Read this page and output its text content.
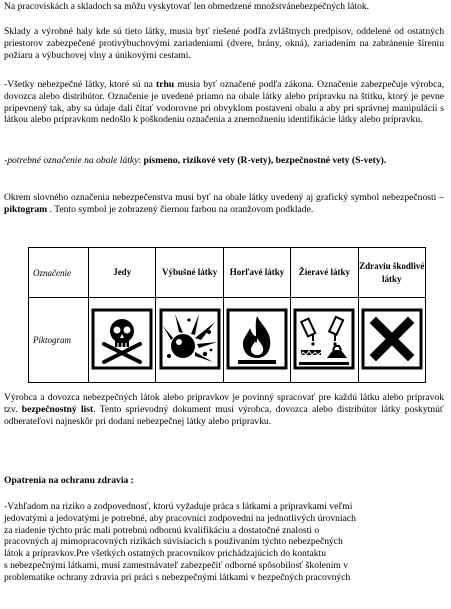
Na pracoviskách a skladoch sa môžu vyskytovať len obmedzené množstvánebezpečných látok.

Sklady a výrobné haly kde sú tieto látky, musia byť riešené podľa zvláštnych predpisov, oddelené od ostatných priestorov zabezpečené protivýbuchovými zariadeniami (dvere, brány, okná), zariadením na zabránenie šíreniu požiaru a výbuchovej vlny a únikovými cestami.

-Všetky nebezpečné látky, ktoré sú na trhu musia byť označené podľa zákona. Označenie zabezpečuje výrobca, dovozca alebo distribútor. Označenie je uvedené priamo na obale látky alebo prípravku na štítku, ktorý je pevne pripevnený tak, aby sa údaje dali čítať vodorovne pri obvyklom postavení obalu a aby pri správnej manipulácii s látkou alebo prípravkom nedošlo k poškodeniu označenia a znemožneniu identifikácie látky alebo prípravku.

-potrebné označenie na obale látky: písmeno, rizikové vety (R-vety), bezpečnostné vety (S-vety).

Okrem slovného označenia nebezpečenstva musí byť na obale látky uvedený aj grafický symbol nebezpečnosti – piktogram . Tento symbol je zobrazený čiernou farbou na oranžovom podklade.

Označenie	Jedy	Výbušné látky	Horľavé látky	Žieravé látky	Zdraviu škodlivé látky
Piktogram	

Výrobca a dovozca nebezpečných látok alebo prípravkov je povinný spracovať pre každú látku alebo prípravok tzv. bezpečnostný list. Tento sprievodný dokument musí výrobca, dovozca alebo distribútor látky poskytnúť odberateľovi najneskôr pri dodaní nebezpečnej látky alebo prípravku.

Opatrenia na ochranu zdravia :

-Vzhľadom na riziko a zodpovednosť, ktorú vyžaduje práca s látkami a prípravkami veľmi
jedovatými a jedovatými je potrebné, aby pracovníci zodpovední na jednotlivých úrovniach
za riadenie týchto prác mali potrebnú odbornú kvalifikáciu a dostatočné znalosti o
pracovných aj mimopracovných rizikách súvisiacich s používaním týchto nebezpečných
látok a prípravkov.Pre všetkých ostatných pracovníkov prichádzajúcich do kontaktu
s nebezpečnými látkami, musí zamestnávateľ zabezpečiť odborné spôsobilosť školením v
problematike ochrany zdravia pri práci s nebezpečnými látkami v bezpečných pracovných
